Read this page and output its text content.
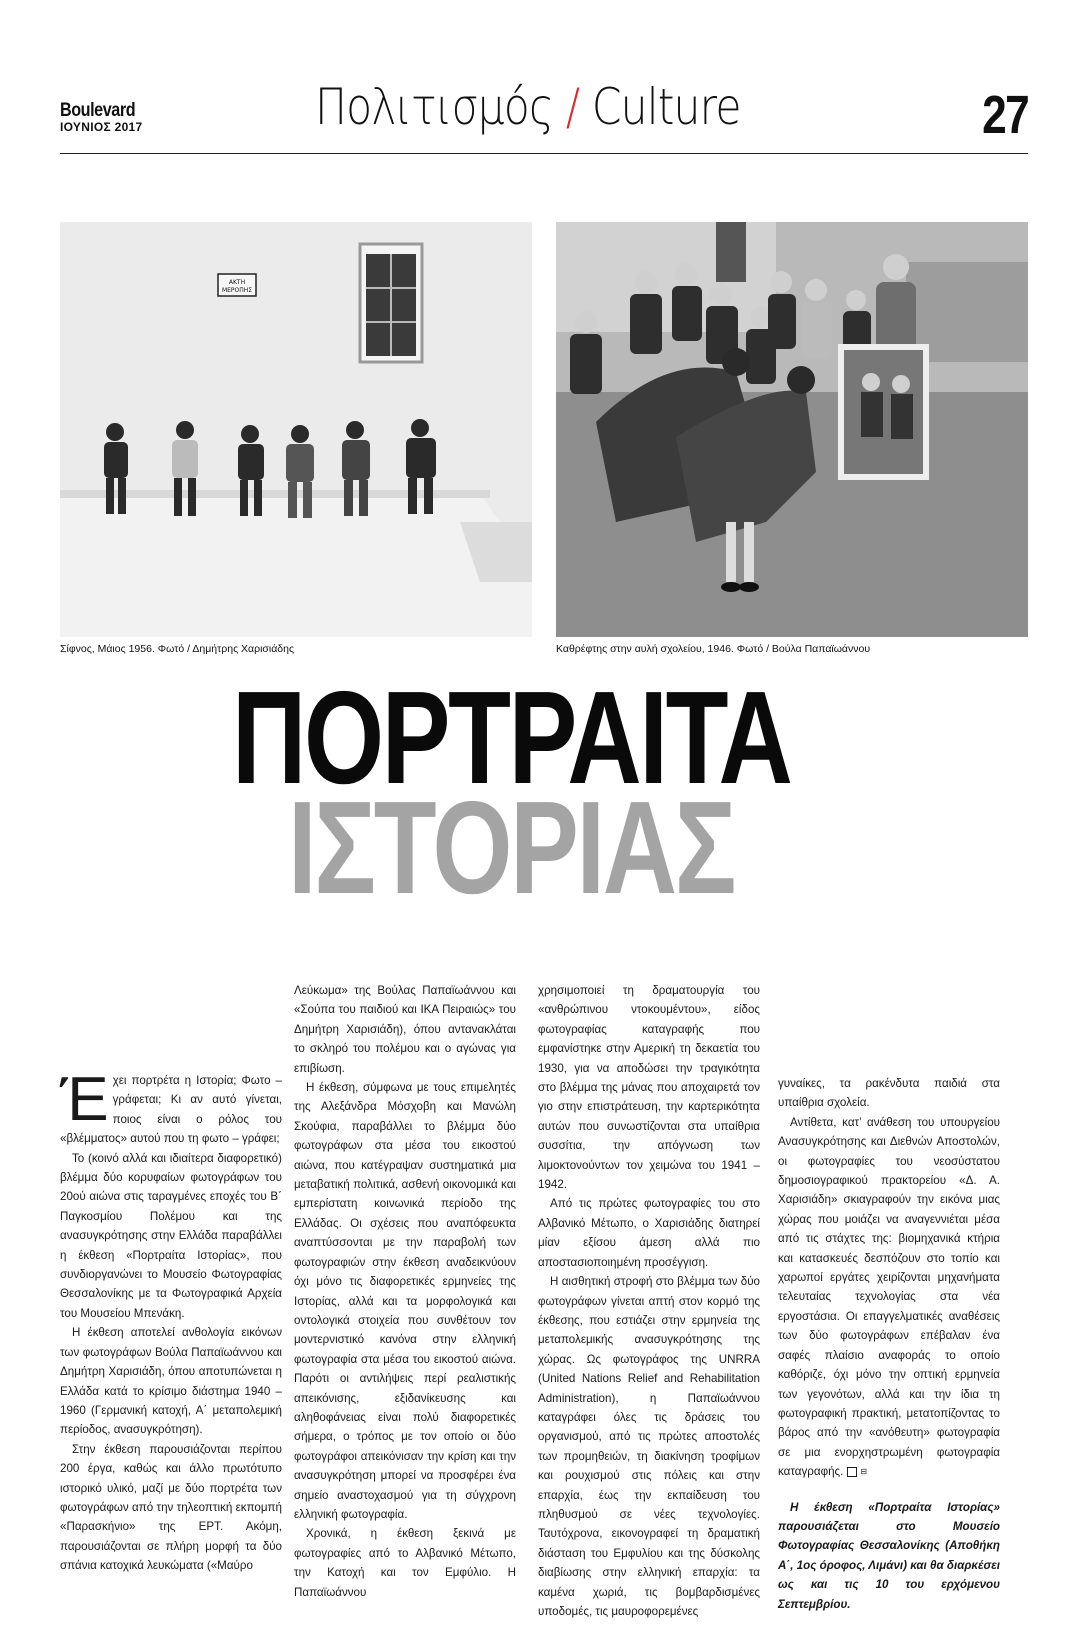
Boulevard
ΙΟΥΝΙΟΣ 2017	Πολιτισμός / Culture	27
ΑΚΤΗ
ΜΕΡΟΠΗΣ
Σίφνος, Μάιος 1956. Φωτό / Δημήτρης Χαρισιάδης	Καθρέφτης στην αυλή σχολείου, 1946. Φωτό / Βούλα Παπαϊωάννου
ΠΟΡΤΡΑΙΤΑ
ΙΣΤΟΡΙΑΣ

Έχει πορτρέτα η Ιστορία; Φωτο – γράφεται; Κι αν αυτό γίνεται, ποιος είναι ο ρόλος του «βλέμματος» αυτού που τη φωτο – γράφει;

Το (κοινό αλλά και ιδιαίτερα διαφορετικό) βλέμμα δύο κορυφαίων φωτογράφων του 20ού αιώνα στις ταραγμένες εποχές του Β΄ Παγκοσμίου Πολέμου και της ανασυγκρότησης στην Ελλάδα παραβάλλει η έκθεση «Πορτραίτα Ιστορίας», που συνδιοργανώνει το Μουσείο Φωτογραφίας Θεσσαλονίκης με τα Φωτογραφικά Αρχεία του Μουσείου Μπενάκη.

Η έκθεση αποτελεί ανθολογία εικόνων των φωτογράφων Βούλα Παπαϊωάννου και Δημήτρη Χαρισιάδη, όπου αποτυπώνεται η Ελλάδα κατά το κρίσιμο διάστημα 1940 – 1960 (Γερμανική κατοχή, Α΄ μεταπολεμική περίοδος, ανασυγκρότηση).

Στην έκθεση παρουσιάζονται περίπου 200 έργα, καθώς και άλλο πρωτότυπο ιστορικό υλικό, μαζί με δύο πορτρέτα των φωτογράφων από την τηλεοπτική εκπομπή «Παρασκήνιο» της ΕΡΤ. Ακόμη, παρουσιάζονται σε πλήρη μορφή τα δύο σπάνια κατοχικά λευκώματα («Μαύρο

Λεύκωμα» της Βούλας Παπαϊωάννου και «Σούπα του παιδιού και ΙΚΑ Πειραιώς» του Δημήτρη Χαρισιάδη), όπου αντανακλάται το σκληρό του πολέμου και ο αγώνας για επιβίωση.

Η έκθεση, σύμφωνα με τους επιμελητές της Αλεξάνδρα Μόσχοβη και Μανώλη Σκούφια, παραβάλλει το βλέμμα δύο φωτογράφων στα μέσα του εικοστού αιώνα, που κατέγραψαν συστηματικά μια μεταβατική πολιτικά, ασθενή οικονομικά και εμπερίστατη κοινωνικά περίοδο της Ελλάδας. Οι σχέσεις που αναπόφευκτα αναπτύσσονται με την παραβολή των φωτογραφιών στην έκθεση αναδεικνύουν όχι μόνο τις διαφορετικές ερμηνείες της Ιστορίας, αλλά και τα μορφολογικά και οντολογικά στοιχεία που συνθέτουν τον μοντερνιστικό κανόνα στην ελληνική φωτογραφία στα μέσα του εικοστού αιώνα. Παρότι οι αντιλήψεις περί ρεαλιστικής απεικόνισης, εξιδανίκευσης και αληθοφάνειας είναι πολύ διαφορετικές σήμερα, ο τρόπος με τον οποίο οι δύο φωτογράφοι απεικόνισαν την κρίση και την ανασυγκρότηση μπορεί να προσφέρει ένα σημείο αναστοχασμού για τη σύγχρονη ελληνική φωτογραφία.

Χρονικά, η έκθεση ξεκινά με φωτογραφίες από το Αλβανικό Μέτωπο, την Κατοχή και τον Εμφύλιο. Η Παπαϊωάννου

χρησιμοποιεί τη δραματουργία του «ανθρώπινου ντοκουμέντου», είδος φωτογραφίας καταγραφής που εμφανίστηκε στην Αμερική τη δεκαετία του 1930, για να αποδώσει την τραγικότητα στο βλέμμα της μάνας που αποχαιρετά τον γιο στην επιστράτευση, την καρτερικότητα αυτών που συνωστίζονται στα υπαίθρια συσσίτια, την απόγνωση των λιμοκτονούντων τον χειμώνα του 1941 – 1942.

Από τις πρώτες φωτογραφίες του στο Αλβανικό Μέτωπο, ο Χαρισιάδης διατηρεί μίαν εξίσου άμεση αλλά πιο αποστασιοποιημένη προσέγγιση.

Η αισθητική στροφή στο βλέμμα των δύο φωτογράφων γίνεται απτή στον κορμό της έκθεσης, που εστιάζει στην ερμηνεία της μεταπολεμικής ανασυγκρότησης της χώρας. Ως φωτογράφος της UNRRA (United Nations Relief and Rehabilitation Administration), η Παπαϊωάννου καταγράφει όλες τις δράσεις του οργανισμού, από τις πρώτες αποστολές των προμηθειών, τη διακίνηση τροφίμων και ρουχισμού στις πόλεις και στην επαρχία, έως την εκπαίδευση του πληθυσμού σε νέες τεχνολογίες. Ταυτόχρονα, εικονογραφεί τη δραματική διάσταση του Εμφυλίου και της δύσκολης διαβίωσης στην ελληνική επαρχία: τα καμένα χωριά, τις βομβαρδισμένες υποδομές, τις μαυροφορεμένες

γυναίκες, τα ρακένδυτα παιδιά στα υπαίθρια σχολεία.

Αντίθετα, κατ’ ανάθεση του υπουργείου Ανασυγκρότησης και Διεθνών Αποστολών, οι φωτογραφίες του νεοσύστατου δημοσιογραφικού πρακτορείου «Δ. Α. Χαρισιάδη» σκιαγραφούν την εικόνα μιας χώρας που μοιάζει να αναγεννιέται μέσα από τις στάχτες της: βιομηχανικά κτήρια και κατασκευές δεσπόζουν στο τοπίο και χαρωποί εργάτες χειρίζονται μηχανήματα τελευταίας τεχνολογίας στα νέα εργοστάσια. Οι επαγγελματικές αναθέσεις των δύο φωτογράφων επέβαλαν ένα σαφές πλαίσιο αναφοράς το οποίο καθόριζε, όχι μόνο την οπτική ερμηνεία των γεγονότων, αλλά και την ίδια τη φωτογραφική πρακτική, μετατοπίζοντας το βάρος από την «ανόθευτη» φωτογραφία σε μια ενορχηστρωμένη φωτογραφία καταγραφής. ⊟

Η έκθεση «Πορτραίτα Ιστορίας» παρουσιάζεται στο Μουσείο Φωτογραφίας Θεσσαλονίκης (Αποθήκη Α΄, 1ος όροφος, Λιμάνι) και θα διαρκέσει ως και τις 10 του ερχόμενου Σεπτεμβρίου.
